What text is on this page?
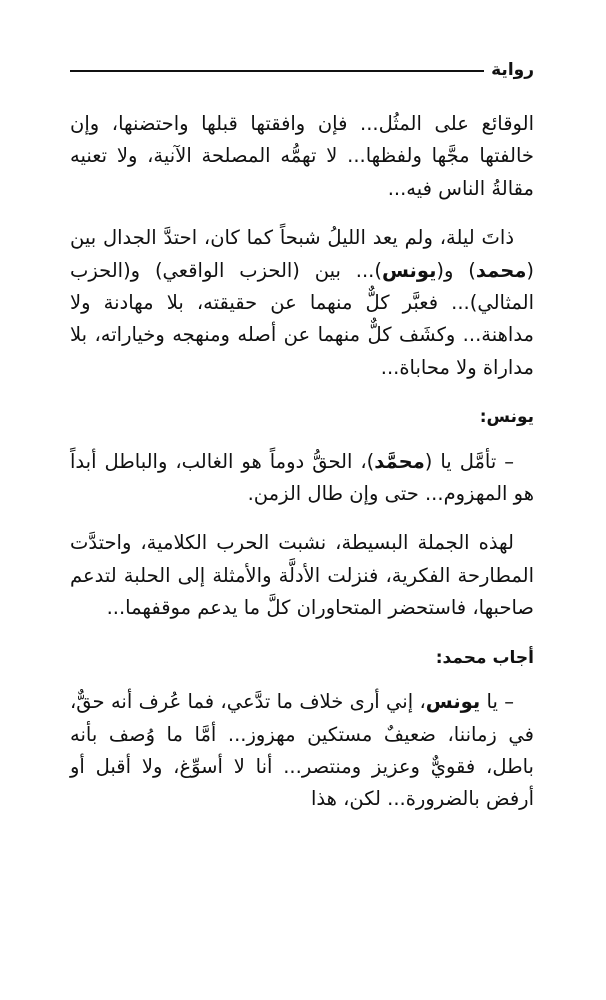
رواية

الوقائع على المثُل... فإن وافقتها قبلها واحتضنها، وإن خالفتها مجَّها ولفظها... لا تهمُّه المصلحة الآنية، ولا تعنيه مقالةُ الناس فيه...

ذاتَ ليلة، ولم يعد الليلُ شبحاً كما كان، احتدَّ الجدال بين (محمد) و(يونس)... بين (الحزب الواقعي) و(الحزب المثالي)... فعبَّر كلٌّ منهما عن حقيقته، بلا مهادنة ولا مداهنة... وكشَف كلٌّ منهما عن أصله ومنهجه وخياراته، بلا مداراة ولا محاباة...

يونس:

– تأمَّل يا (محمَّد)، الحقُّ دوماً هو الغالب، والباطل أبداً هو المهزوم... حتى وإن طال الزمن.

لهذه الجملة البسيطة، نشبت الحرب الكلامية، واحتدَّت المطارحة الفكرية، فنزلت الأدلَّة والأمثلة إلى الحلبة لتدعم صاحبها، فاستحضر المتحاوران كلَّ ما يدعم موقفهما...

أجاب محمد:

– يا يونس، إني أرى خلاف ما تدَّعي، فما عُرف أنه حقٌّ، في زماننا، ضعيفٌ مستكين مهزوز... أمَّا ما وُصف بأنه باطل، فقويٌّ وعزيز ومنتصر... أنا لا أسوِّغ، ولا أقبل أو أرفض بالضرورة... لكن، هذا
